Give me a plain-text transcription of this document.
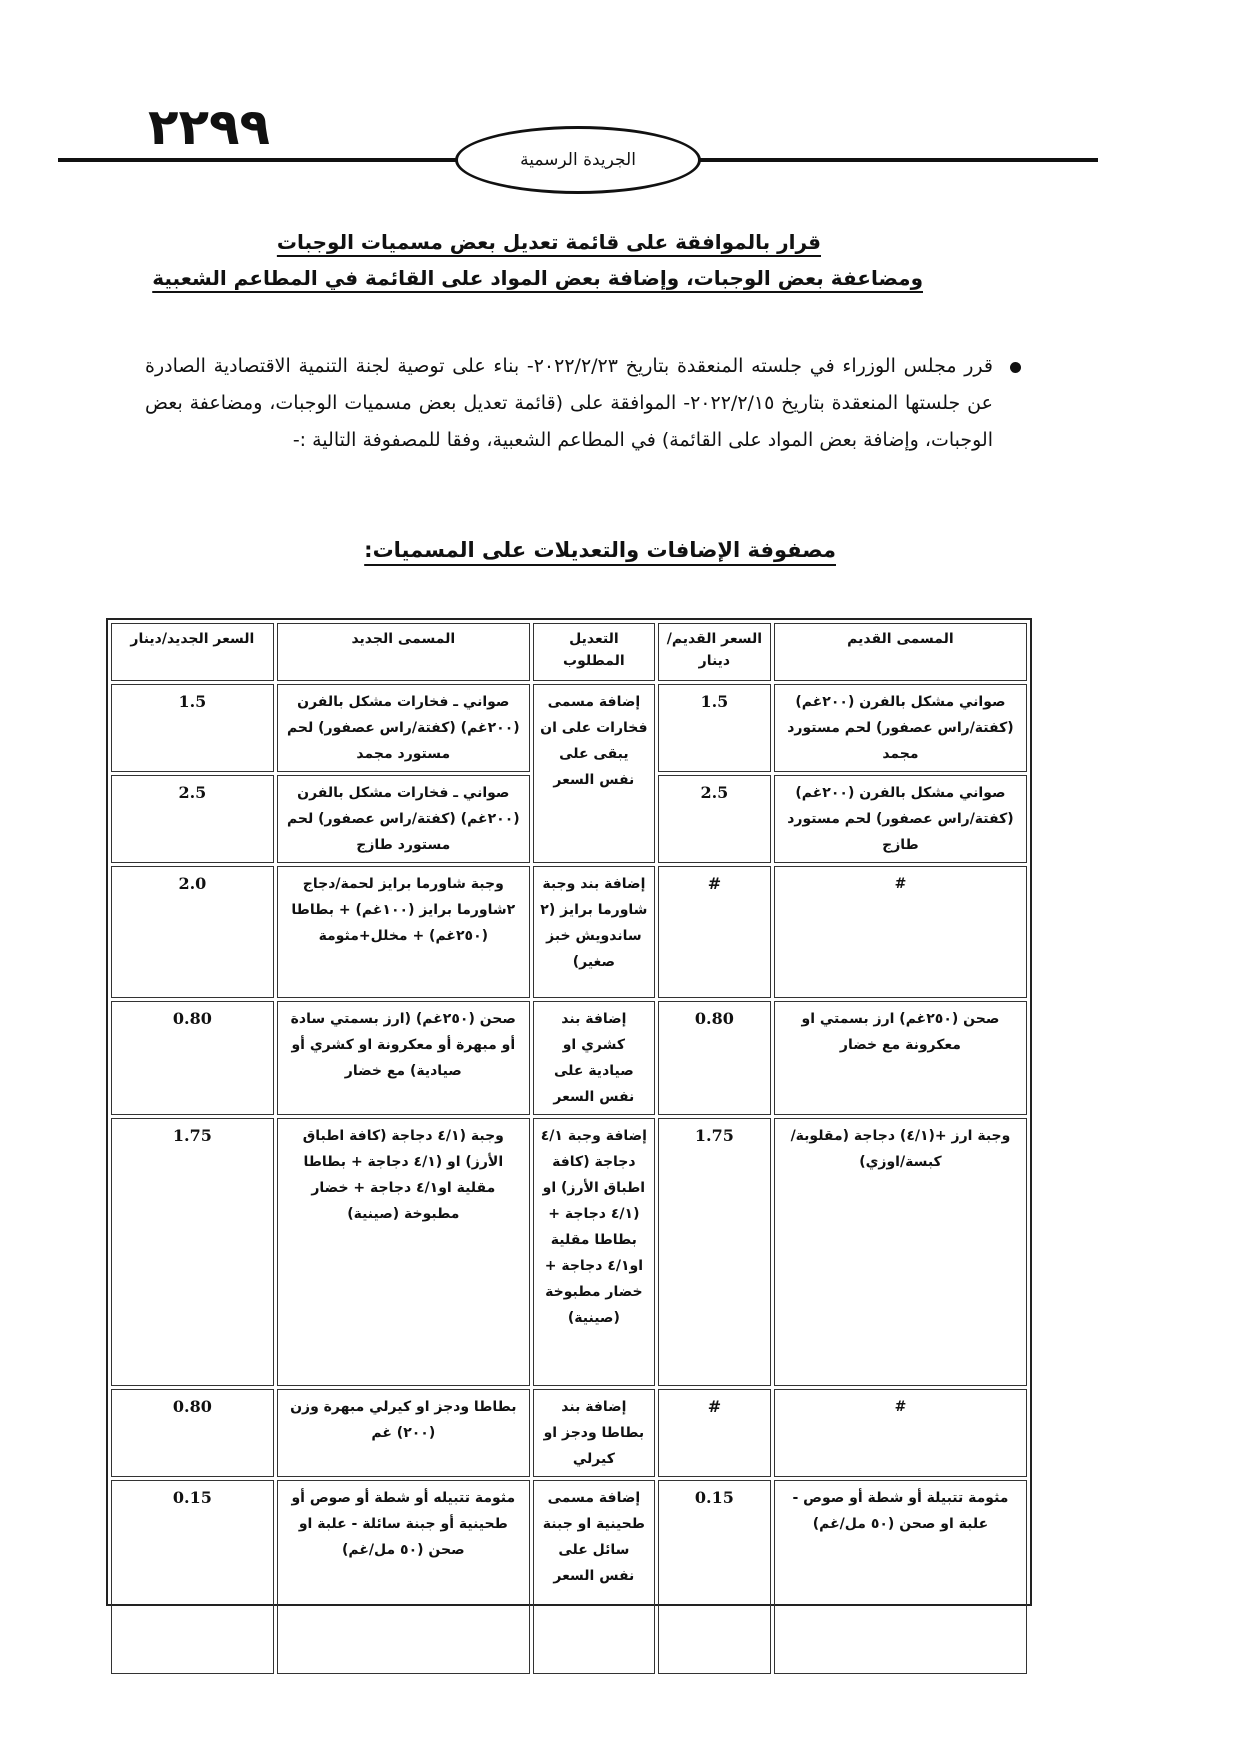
٢٢٩٩
الجريدة الرسمية
قرار بالموافقة على قائمة تعديل بعض مسميات الوجبات
ومضاعفة بعض الوجبات، وإضافة بعض المواد على القائمة في المطاعم الشعبية
قرر مجلس الوزراء في جلسته المنعقدة بتاريخ ٢٠٢٢/٢/٢٣- بناء على توصية لجنة التنمية الاقتصادية الصادرة عن جلستها المنعقدة بتاريخ ٢٠٢٢/٢/١٥- الموافقة على (قائمة تعديل بعض مسميات الوجبات، ومضاعفة بعض الوجبات، وإضافة بعض المواد على القائمة) في المطاعم الشعبية، وفقا للمصفوفة التالية :-
مصفوفة الإضافات والتعديلات على المسميات:
المسمى القديم	السعر القديم/دينار	التعديل المطلوب	المسمى الجديد	السعر الجديد/دينار
صواني مشكل بالفرن (٢٠٠غم) (كفتة/راس عصفور) لحم مستورد مجمد	1.5	إضافة مسمى فخارات على ان يبقى على نفس السعر	صواني ـ فخارات مشكل بالفرن (٢٠٠غم) (كفتة/راس عصفور) لحم مستورد مجمد	1.5
صواني مشكل بالفرن (٢٠٠غم) (كفتة/راس عصفور) لحم مستورد طازج	2.5		صواني ـ فخارات مشكل بالفرن (٢٠٠غم) (كفتة/راس عصفور) لحم مستورد طازج	2.5
#	#	إضافة بند وجبة شاورما برايز (٢ ساندويش خبز صغير)	وجبة شاورما برايز لحمة/دجاج ٢شاورما برايز (١٠٠غم) + بطاطا (٢٥٠غم) + مخلل+مثومة	2.0
صحن (٢٥٠غم) ارز بسمتي او معكرونة مع خضار	0.80	إضافة بند كشري او صيادية على نفس السعر	صحن (٢٥٠غم) (ارز بسمتي سادة أو مبهرة أو معكرونة او كشري أو صيادية) مع خضار	0.80
وجبة ارز +(٤/١) دجاجة (مقلوبة/كبسة/اوزي)	1.75	إضافة وجبة ٤/١ دجاجة (كافة اطباق الأرز) او (٤/١ دجاجة + بطاطا مقلية او٤/١ دجاجة + خضار مطبوخة (صينية)	وجبة (٤/١ دجاجة (كافة اطباق الأرز) او (٤/١ دجاجة + بطاطا مقلية او٤/١ دجاجة + خضار مطبوخة (صينية)	1.75
#	#	إضافة بند بطاطا ودجز او كيرلي	بطاطا ودجز او كيرلي مبهرة وزن (٢٠٠) غم	0.80
مثومة تتبيلة أو شطة أو صوص - علبة او صحن (٥٠ مل/غم)	0.15	إضافة مسمى طحينية او جبنة سائل على نفس السعر	مثومة تتبيله أو شطة أو صوص أو طحينية أو جبنة سائلة - علبة او صحن (٥٠ مل/غم)	0.15
